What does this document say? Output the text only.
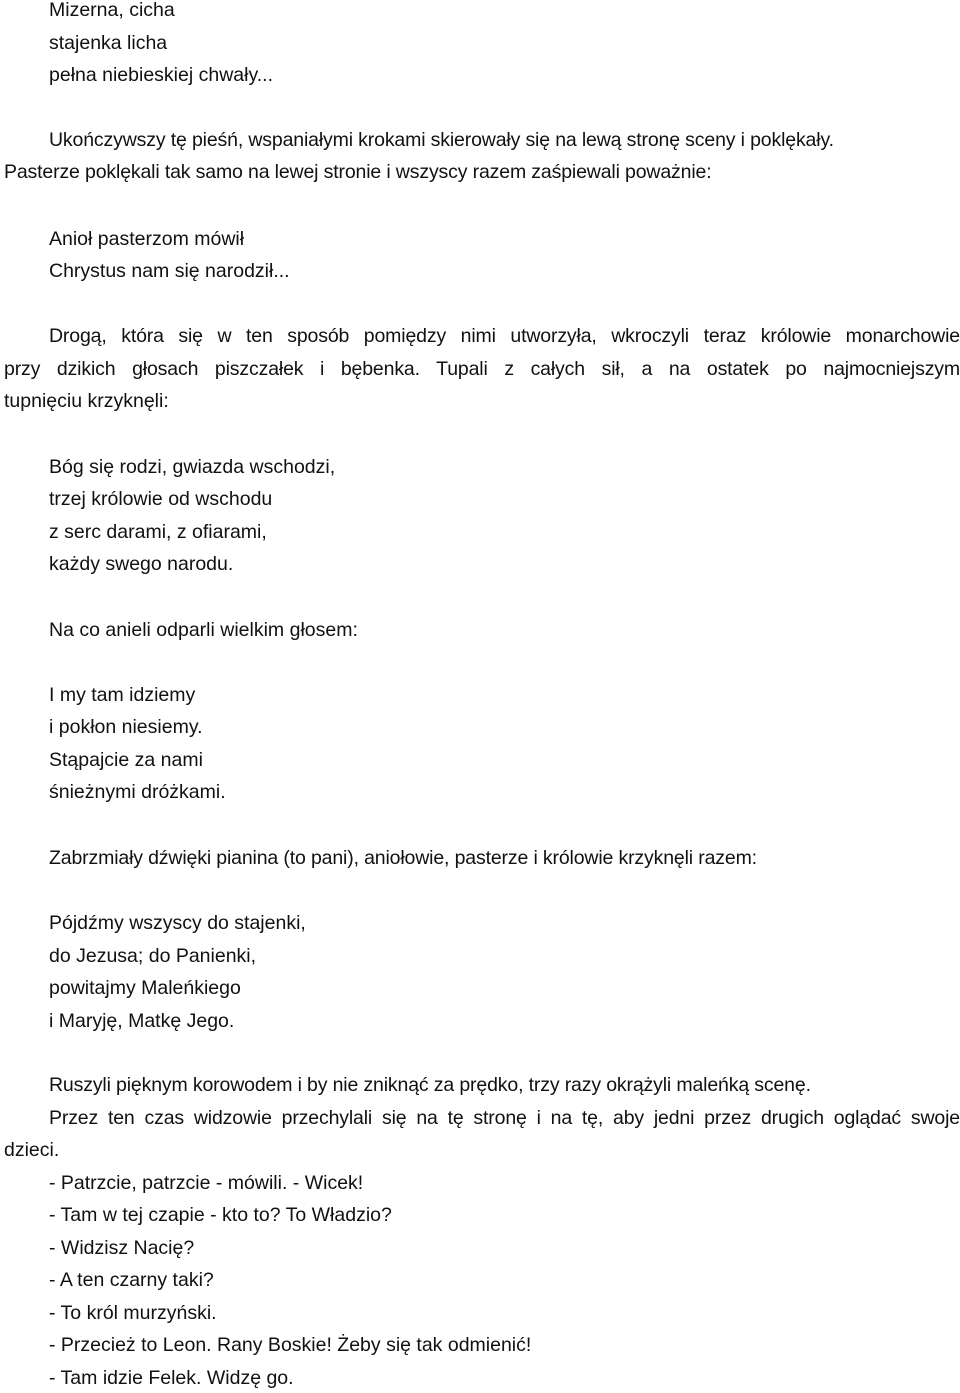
Mizerna, cicha
stajenka licha
pełna niebieskiej chwały...
Ukończywszy tę pieśń, wspaniałymi krokami skierowały się na lewą stronę sceny i poklękały.
Pasterze poklękali tak samo na lewej stronie i wszyscy razem zaśpiewali poważnie:
Anioł pasterzom mówił
Chrystus nam się narodził...
Drogą, która się w ten sposób pomiędzy nimi utworzyła, wkroczyli teraz królowie monarchowie
przy dzikich głosach piszczałek i bębenka. Tupali z całych sił, a na ostatek po najmocniejszym
tupnięciu krzyknęli:
Bóg się rodzi, gwiazda wschodzi,
trzej królowie od wschodu
z serc darami, z ofiarami,
każdy swego narodu.
Na co anieli odparli wielkim głosem:
I my tam idziemy
i pokłon niesiemy.
Stąpajcie za nami
śnieżnymi dróżkami.
Zabrzmiały dźwięki pianina (to pani), aniołowie, pasterze i królowie krzyknęli razem:
Pójdźmy wszyscy do stajenki,
do Jezusa; do Panienki,
powitajmy Maleńkiego
i Maryję, Matkę Jego.
Ruszyli pięknym korowodem i by nie zniknąć za prędko, trzy razy okrążyli maleńką scenę.
Przez ten czas widzowie przechylali się na tę stronę i na tę, aby jedni przez drugich oglądać swoje
dzieci.
- Patrzcie, patrzcie - mówili. - Wicek!
- Tam w tej czapie - kto to? To Władzio?
- Widzisz Nacię?
- A ten czarny taki?
- To król murzyński.
- Przecież to Leon. Rany Boskie! Żeby się tak odmienić!
- Tam idzie Felek. Widzę go.
